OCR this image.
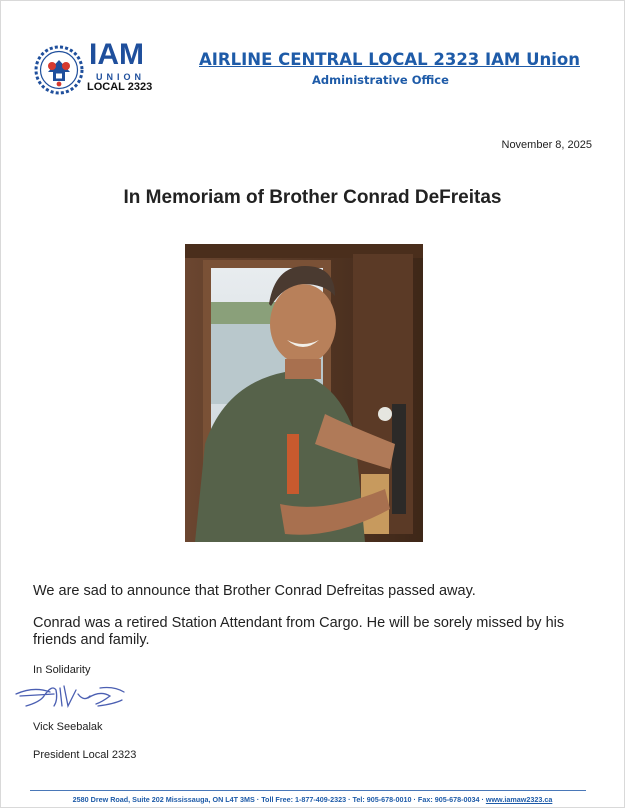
IAM
UNION
LOCAL 2323
AIRLINE CENTRAL LOCAL 2323 IAM Union
Administrative Office
November 8, 2025
In Memoriam of Brother Conrad DeFreitas
We are sad to announce that Brother Conrad Defreitas passed away.
Conrad was a retired Station Attendant from Cargo. He will be sorely missed by his friends and family.
In Solidarity
Vick Seebalak
President Local 2323
2580 Drew Road, Suite 202 Mississauga, ON L4T 3MS · Toll Free: 1-877-409-2323 · Tel: 905-678-0010 · Fax: 905-678-0034 · www.iamaw2323.ca
